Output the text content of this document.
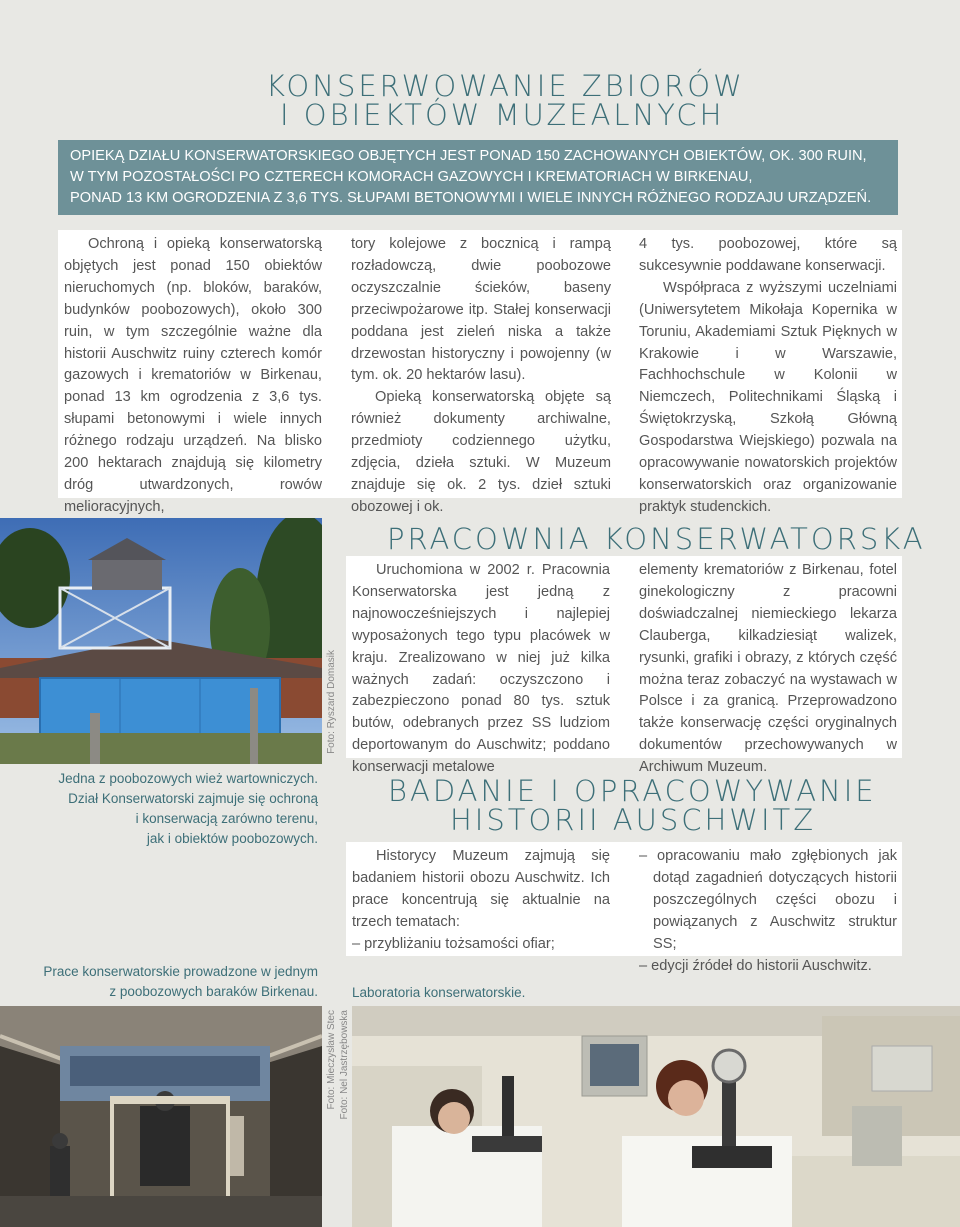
KONSERWOWANIE ZBIORÓW
I OBIEKTÓW MUZEALNYCH
OPIEKĄ DZIAŁU KONSERWATORSKIEGO OBJĘTYCH JEST PONAD 150 ZACHOWANYCH OBIEKTÓW, OK. 300 RUIN,
W TYM POZOSTAŁOŚCI PO CZTERECH KOMORACH GAZOWYCH I KREMATORIACH W BIRKENAU,
PONAD 13 KM OGRODZENIA Z 3,6 TYS. SŁUPAMI BETONOWYMI I WIELE INNYCH RÓŻNEGO RODZAJU URZĄDZEŃ.

Ochroną i opieką konserwatorską objętych jest ponad 150 obiektów nieruchomych (np. bloków, baraków, budynków poobozowych), około 300 ruin, w tym szczególnie ważne dla historii Auschwitz ruiny czterech komór gazowych i krematoriów w Birkenau, ponad 13 km ogrodzenia z 3,6 tys. słupami betonowymi i wiele innych różnego rodzaju urządzeń. Na blisko 200 hektarach znajdują się kilometry dróg utwardzonych, rowów melioracyjnych,

tory kolejowe z bocznicą i rampą rozładowczą, dwie poobozowe oczyszczalnie ścieków, baseny przeciwpożarowe itp. Stałej konserwacji poddana jest zieleń niska a także drzewostan historyczny i powojenny (w tym. ok. 20 hektarów lasu).

Opieką konserwatorską objęte są również dokumenty archiwalne, przedmioty codziennego użytku, zdjęcia, dzieła sztuki. W Muzeum znajduje się ok. 2 tys. dzieł sztuki obozowej i ok.

4 tys. poobozowej, które są sukcesywnie poddawane konserwacji.

Współpraca z wyższymi uczelniami (Uniwersytetem Mikołaja Kopernika w Toruniu, Akademiami Sztuk Pięknych w Krakowie i w Warszawie, Fachhochschule w Kolonii w Niemczech, Politechnikami Śląską i Świętokrzyską, Szkołą Główną Gospodarstwa Wiejskiego) pozwala na opracowywanie nowatorskich projektów konserwatorskich oraz organizowanie praktyk studenckich.

Foto: Ryszard Domasik
Jedna z poobozowych wież wartowniczych.
Dział Konserwatorski zajmuje się ochroną
i konserwacją zarówno terenu,
jak i obiektów poobozowych.
PRACOWNIA KONSERWATORSKA

Uruchomiona w 2002 r. Pracownia Konserwatorska jest jedną z najnowocześniejszych i najlepiej wyposażonych tego typu placówek w kraju. Zrealizowano w niej już kilka ważnych zadań: oczyszczono i zabezpieczono ponad 80 tys. sztuk butów, odebranych przez SS ludziom deportowanym do Auschwitz; poddano konserwacji metalowe

elementy krematoriów z Birkenau, fotel ginekologiczny z pracowni doświadczalnej niemieckiego lekarza Clauberga, kilkadziesiąt walizek, rysunki, grafiki i obrazy, z których część można teraz zobaczyć na wystawach w Polsce i za granicą. Przeprowadzono także konserwację części oryginalnych dokumentów przechowywanych w Archiwum Muzeum.

BADANIE I OPRACOWYWANIE
HISTORII AUSCHWITZ

Historycy Muzeum zajmują się badaniem historii obozu Auschwitz. Ich prace koncentrują się aktualnie na trzech tematach:

– przybliżaniu tożsamości ofiar;

– opracowaniu mało zgłębionych jak dotąd zagadnień dotyczących historii poszczególnych części obozu i powiązanych z Auschwitz struktur SS;

– edycji źródeł do historii Auschwitz.

Prace konserwatorskie prowadzone w jednym
z poobozowych baraków Birkenau.	Laboratoria konserwatorskie.
Foto: Mieczysław Stec Foto: Nel Jastrzębowska
